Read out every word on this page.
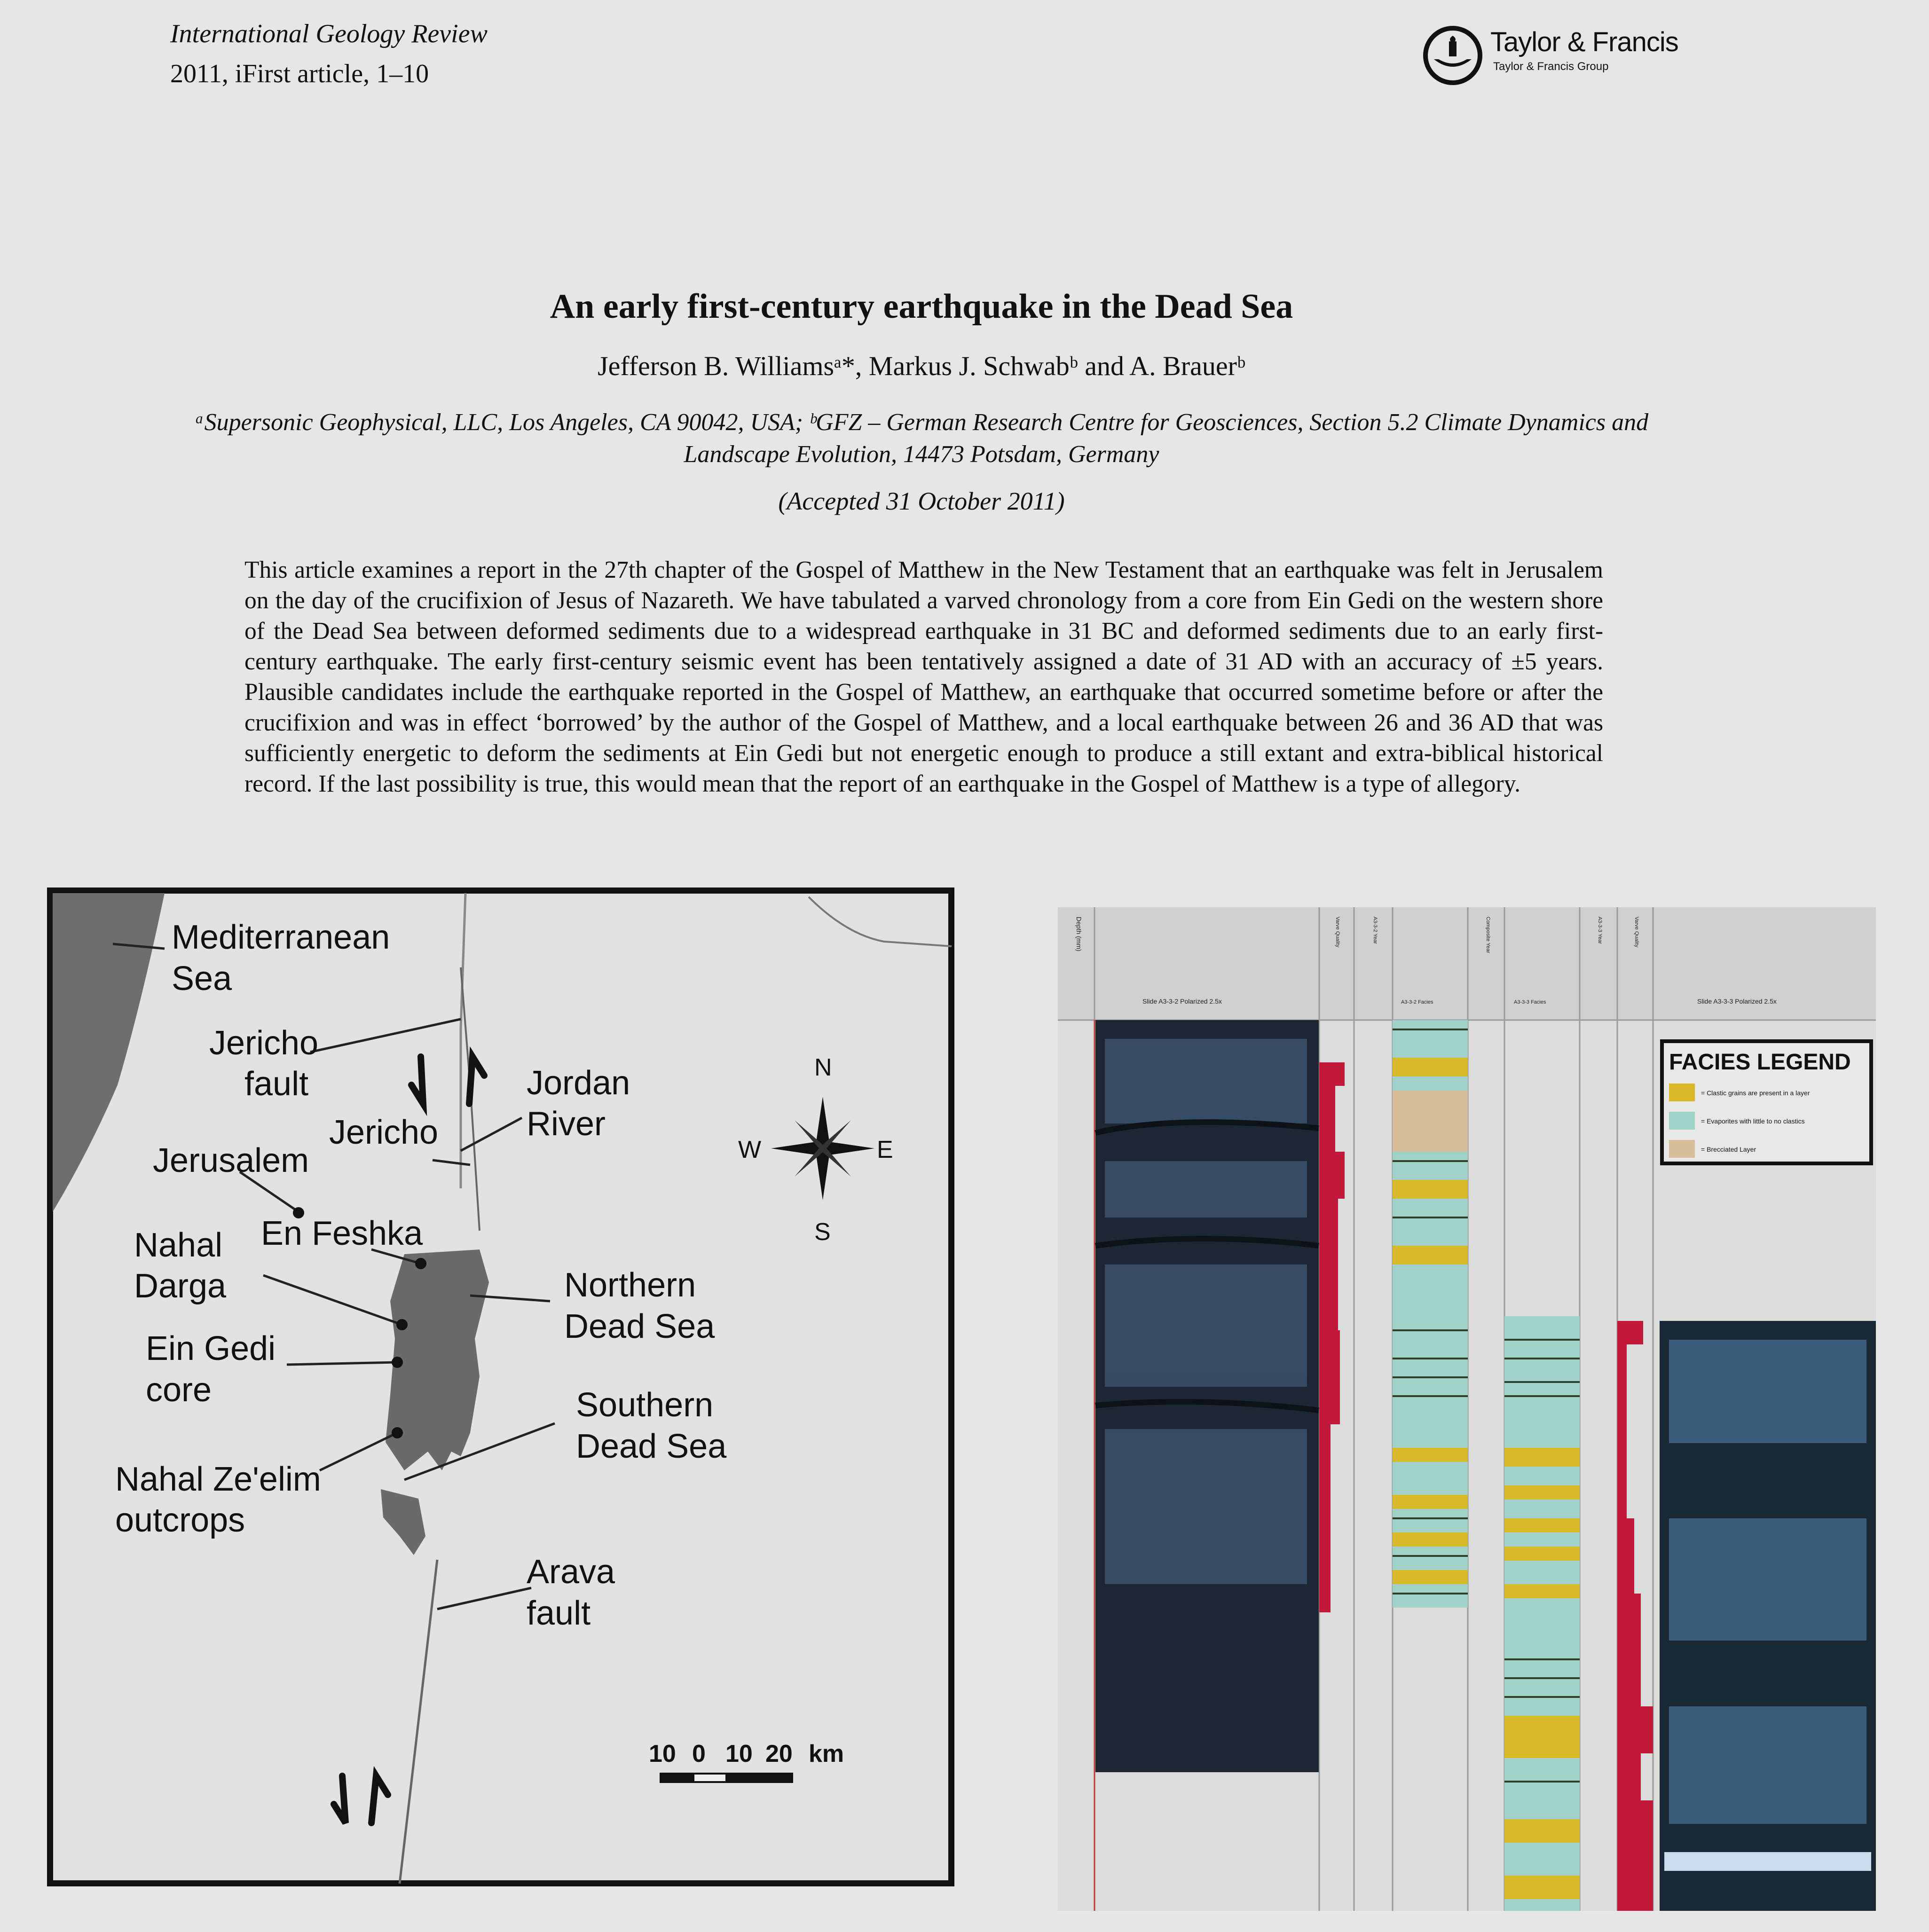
International Geology Review
2011, iFirst article, 1–10
Taylor & Francis
Taylor & Francis Group
An early first-century earthquake in the Dead Sea
Jefferson B. Williamsᵃ*, Markus J. Schwabᵇ and A. Brauerᵇ
ᵃSupersonic Geophysical, LLC, Los Angeles, CA 90042, USA; ᵇGFZ – German Research Centre for Geosciences, Section 5.2 Climate Dynamics and Landscape Evolution, 14473 Potsdam, Germany
(Accepted 31 October 2011)
This article examines a report in the 27th chapter of the Gospel of Matthew in the New Testament that an earthquake was felt in Jerusalem on the day of the crucifixion of Jesus of Nazareth. We have tabulated a varved chronology from a core from Ein Gedi on the western shore of the Dead Sea between deformed sediments due to a widespread earthquake in 31 BC and deformed sediments due to an early first-century earthquake. The early first-century seismic event has been tentatively assigned a date of 31 AD with an accuracy of ±5 years. Plausible candidates include the earthquake reported in the Gospel of Matthew, an earthquake that occurred sometime before or after the crucifixion and was in effect ‘borrowed’ by the author of the Gospel of Matthew, and a local earthquake between 26 and 36 AD that was sufficiently energetic to deform the sediments at Ein Gedi but not energetic enough to produce a still extant and extra-biblical historical record. If the last possibility is true, this would mean that the report of an earthquake in the Gospel of Matthew is a type of allegory.
N
S
W	E
Mediterranean
Sea
Jericho
fault	Jordan
River
Jericho
Jerusalem
En Feshka
Nahal
Darga	Northern
Dead Sea
Ein Gedi
core	Southern
Dead Sea
Nahal Ze'elim
outcrops
Arava
fault
10 0 10 20 km
Depth (mm)
Slide A3-3-2 Polarized 2.5x
Varve Quality	A3-3-2 Year
A3-3-2 Facies
Composite Year
A3-3-3 Facies
A3-3-3 Year	Varve Quality
Slide A3-3-3 Polarized 2.5x
FACIES LEGEND
= Clastic grains are present in a layer
= Evaporites with little to no clastics
= Brecciated Layer
